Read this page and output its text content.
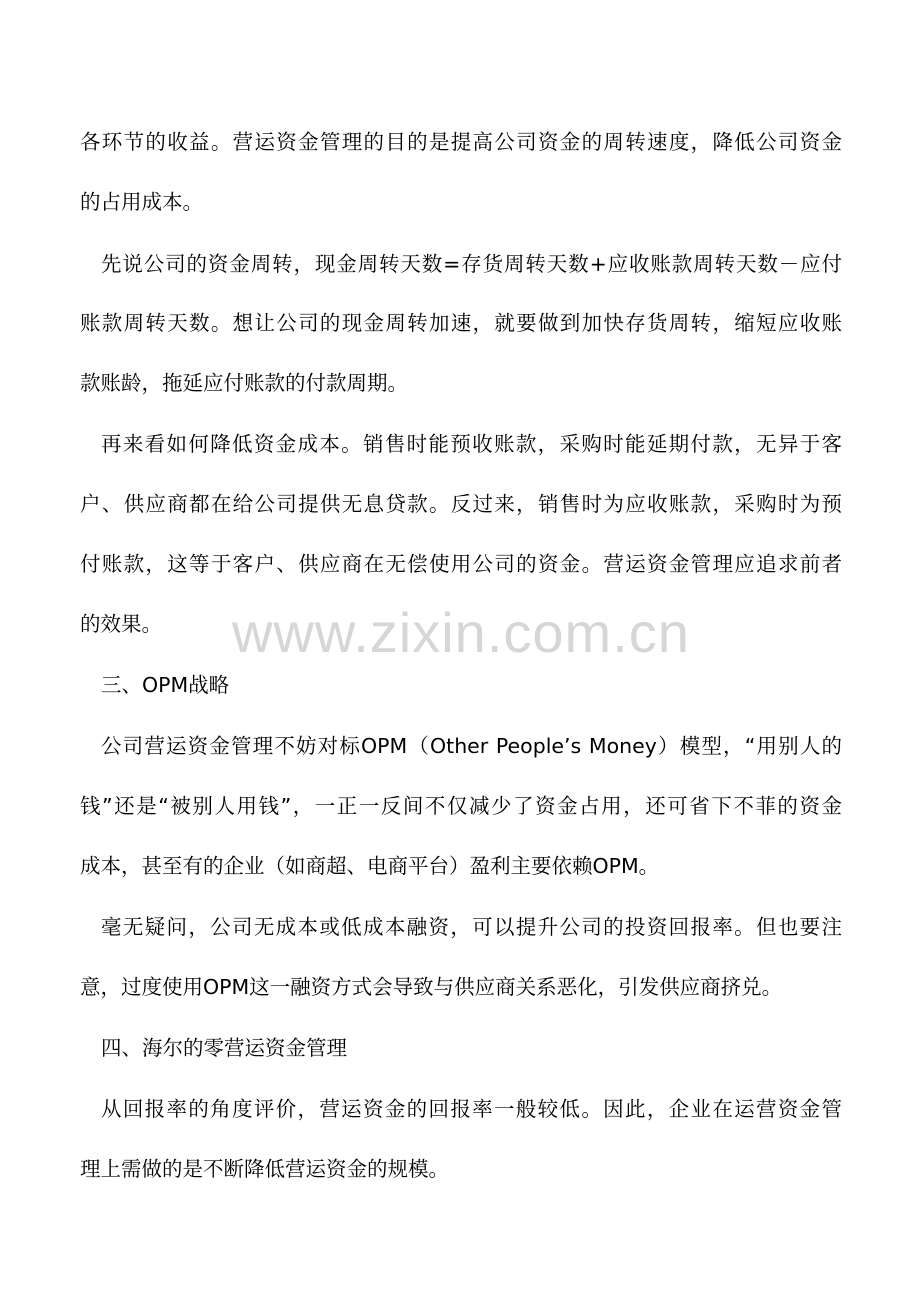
www.zixin.com.cn
各环节的收益。营运资金管理的目的是提高公司资金的周转速度，降低公司资金
的占用成本。
先说公司的资金周转，现金周转天数=存货周转天数+应收账款周转天数－应付
账款周转天数。想让公司的现金周转加速，就要做到加快存货周转，缩短应收账
款账龄，拖延应付账款的付款周期。
再来看如何降低资金成本。销售时能预收账款，采购时能延期付款，无异于客
户、供应商都在给公司提供无息贷款。反过来，销售时为应收账款，采购时为预
付账款，这等于客户、供应商在无偿使用公司的资金。营运资金管理应追求前者
的效果。
三、OPM战略
公司营运资金管理不妨对标OPM（Other People’s Money）模型，“用别人的
钱”还是“被别人用钱”，一正一反间不仅减少了资金占用，还可省下不菲的资金
成本，甚至有的企业（如商超、电商平台）盈利主要依赖OPM。
毫无疑问，公司无成本或低成本融资，可以提升公司的投资回报率。但也要注
意，过度使用OPM这一融资方式会导致与供应商关系恶化，引发供应商挤兑。
四、海尔的零营运资金管理
从回报率的角度评价，营运资金的回报率一般较低。因此，企业在运营资金管
理上需做的是不断降低营运资金的规模。
